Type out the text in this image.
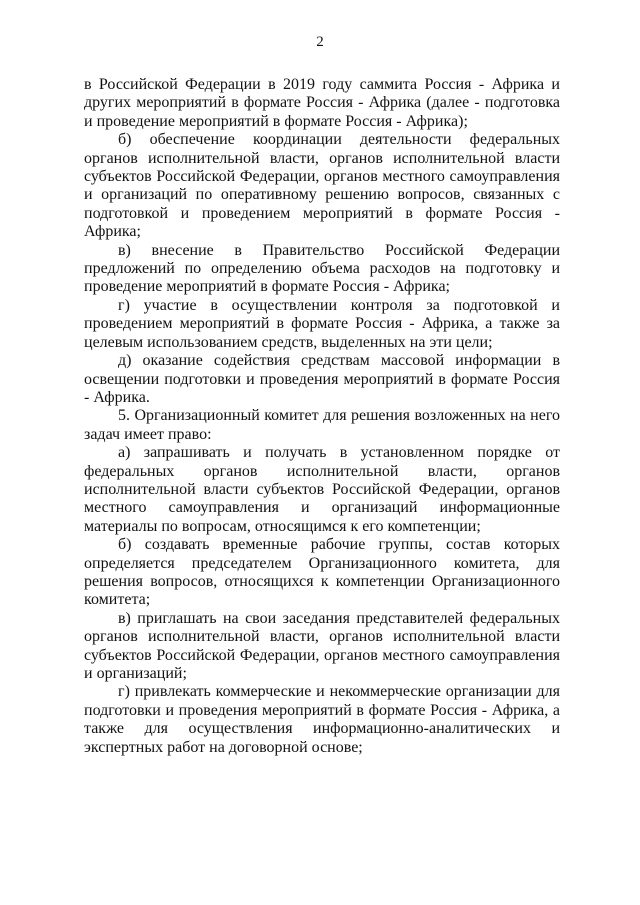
2

в Российской Федерации в 2019 году саммита Россия - Африка и других мероприятий в формате Россия - Африка (далее - подготовка и проведение мероприятий в формате Россия - Африка);

б) обеспечение координации деятельности федеральных органов исполнительной власти, органов исполнительной власти субъектов Российской Федерации, органов местного самоуправления и организаций по оперативному решению вопросов, связанных с подготовкой и проведением мероприятий в формате Россия - Африка;

в) внесение в Правительство Российской Федерации предложений по определению объема расходов на подготовку и проведение мероприятий в формате Россия - Африка;

г) участие в осуществлении контроля за подготовкой и проведением мероприятий в формате Россия - Африка, а также за целевым использованием средств, выделенных на эти цели;

д) оказание содействия средствам массовой информации в освещении подготовки и проведения мероприятий в формате Россия - Африка.

5. Организационный комитет для решения возложенных на него задач имеет право:

а) запрашивать и получать в установленном порядке от федеральных органов исполнительной власти, органов исполнительной власти субъектов Российской Федерации, органов местного самоуправления и организаций информационные материалы по вопросам, относящимся к его компетенции;

б) создавать временные рабочие группы, состав которых определяется председателем Организационного комитета, для решения вопросов, относящихся к компетенции Организационного комитета;

в) приглашать на свои заседания представителей федеральных органов исполнительной власти, органов исполнительной власти субъектов Российской Федерации, органов местного самоуправления и организаций;

г) привлекать коммерческие и некоммерческие организации для подготовки и проведения мероприятий в формате Россия - Африка, а также для осуществления информационно-аналитических и экспертных работ на договорной основе;
